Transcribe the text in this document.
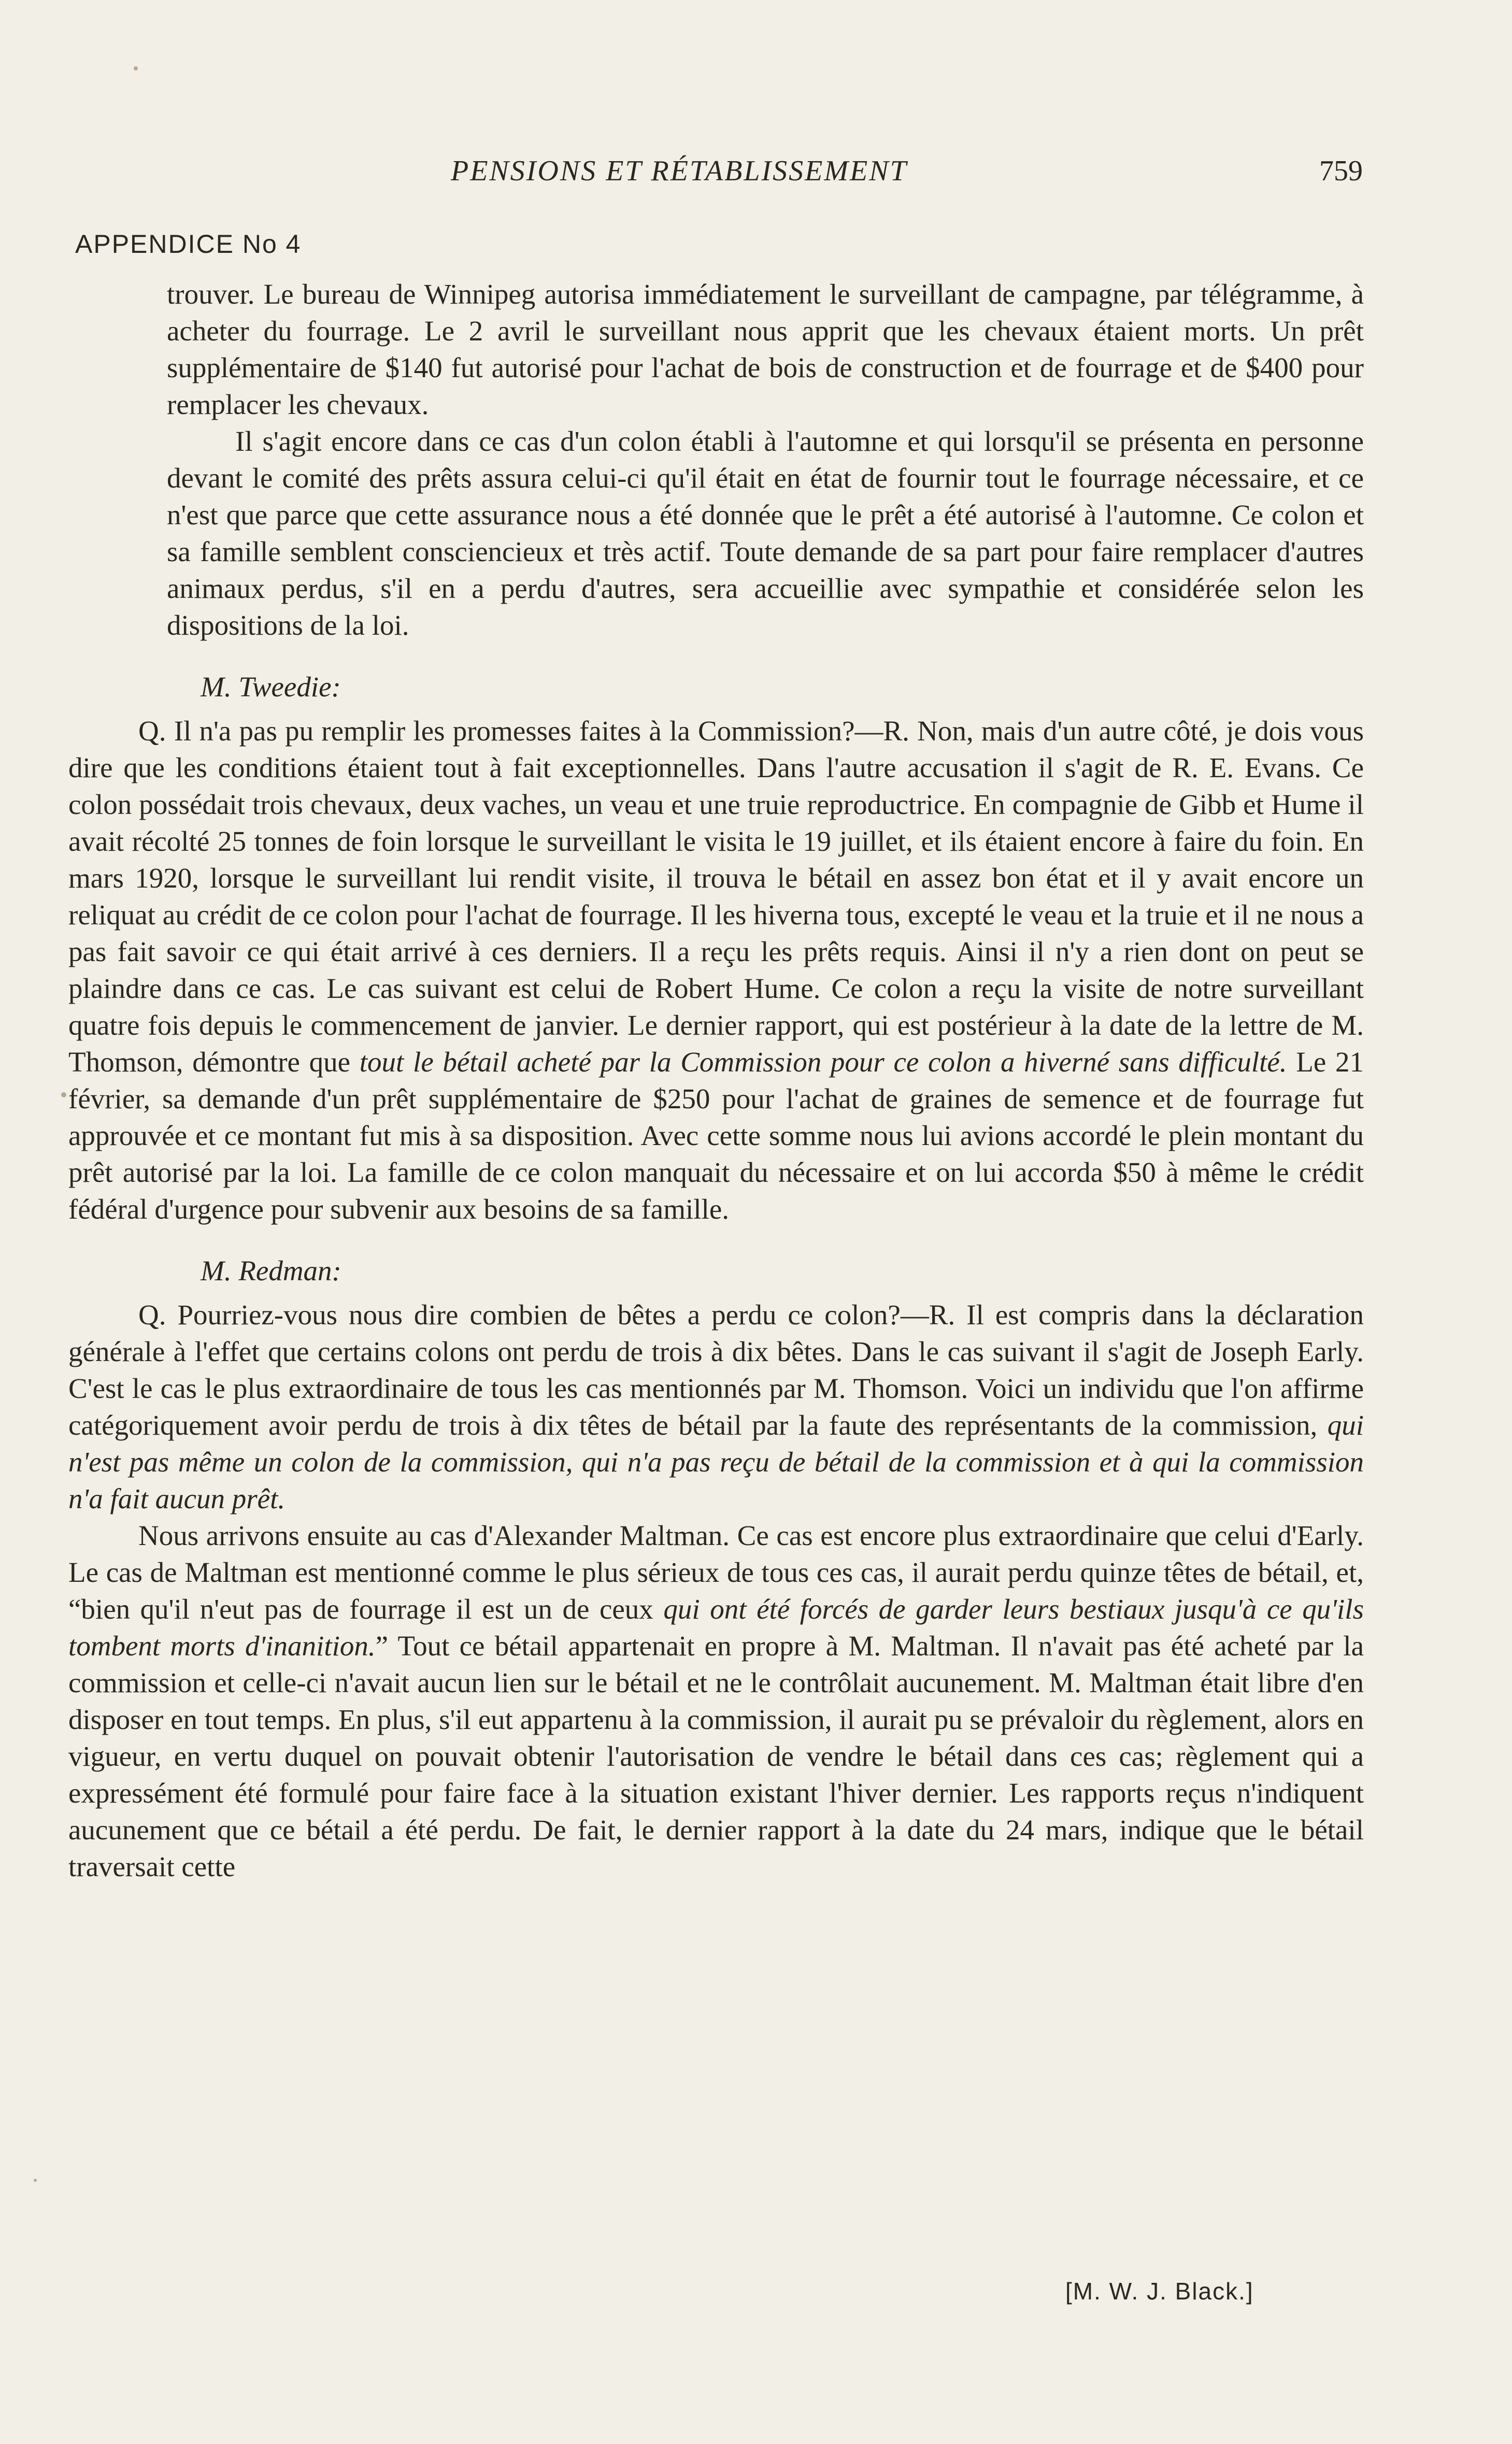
PENSIONS ET RÉTABLISSEMENT	759
APPENDICE No 4

trouver. Le bureau de Winnipeg autorisa immédiatement le surveillant de campagne, par télégramme, à acheter du fourrage. Le 2 avril le surveillant nous apprit que les chevaux étaient morts. Un prêt supplémentaire de $140 fut autorisé pour l'achat de bois de construction et de fourrage et de $400 pour remplacer les chevaux.

Il s'agit encore dans ce cas d'un colon établi à l'automne et qui lorsqu'il se présenta en personne devant le comité des prêts assura celui-ci qu'il était en état de fournir tout le fourrage nécessaire, et ce n'est que parce que cette assurance nous a été donnée que le prêt a été autorisé à l'automne. Ce colon et sa famille semblent consciencieux et très actif. Toute demande de sa part pour faire remplacer d'autres animaux perdus, s'il en a perdu d'autres, sera accueillie avec sympathie et considérée selon les dispositions de la loi.

M. Tweedie:

Q. Il n'a pas pu remplir les promesses faites à la Commission?—R. Non, mais d'un autre côté, je dois vous dire que les conditions étaient tout à fait exceptionnelles. Dans l'autre accusation il s'agit de R. E. Evans. Ce colon possédait trois chevaux, deux vaches, un veau et une truie reproductrice. En compagnie de Gibb et Hume il avait récolté 25 tonnes de foin lorsque le surveillant le visita le 19 juillet, et ils étaient encore à faire du foin. En mars 1920, lorsque le surveillant lui rendit visite, il trouva le bétail en assez bon état et il y avait encore un reliquat au crédit de ce colon pour l'achat de fourrage. Il les hiverna tous, excepté le veau et la truie et il ne nous a pas fait savoir ce qui était arrivé à ces derniers. Il a reçu les prêts requis. Ainsi il n'y a rien dont on peut se plaindre dans ce cas. Le cas suivant est celui de Robert Hume. Ce colon a reçu la visite de notre surveillant quatre fois depuis le commencement de janvier. Le dernier rapport, qui est postérieur à la date de la lettre de M. Thomson, démontre que tout le bétail acheté par la Commission pour ce colon a hiverné sans difficulté. Le 21 février, sa demande d'un prêt supplémentaire de $250 pour l'achat de graines de semence et de fourrage fut approuvée et ce montant fut mis à sa disposition. Avec cette somme nous lui avions accordé le plein montant du prêt autorisé par la loi. La famille de ce colon manquait du nécessaire et on lui accorda $50 à même le crédit fédéral d'urgence pour subvenir aux besoins de sa famille.

M. Redman:

Q. Pourriez-vous nous dire combien de bêtes a perdu ce colon?—R. Il est compris dans la déclaration générale à l'effet que certains colons ont perdu de trois à dix bêtes. Dans le cas suivant il s'agit de Joseph Early. C'est le cas le plus extraordinaire de tous les cas mentionnés par M. Thomson. Voici un individu que l'on affirme catégoriquement avoir perdu de trois à dix têtes de bétail par la faute des représentants de la commission, qui n'est pas même un colon de la commission, qui n'a pas reçu de bétail de la commission et à qui la commission n'a fait aucun prêt.

Nous arrivons ensuite au cas d'Alexander Maltman. Ce cas est encore plus extraordinaire que celui d'Early. Le cas de Maltman est mentionné comme le plus sérieux de tous ces cas, il aurait perdu quinze têtes de bétail, et, “bien qu'il n'eut pas de fourrage il est un de ceux qui ont été forcés de garder leurs bestiaux jusqu'à ce qu'ils tombent morts d'inanition.” Tout ce bétail appartenait en propre à M. Maltman. Il n'avait pas été acheté par la commission et celle-ci n'avait aucun lien sur le bétail et ne le contrôlait aucunement. M. Maltman était libre d'en disposer en tout temps. En plus, s'il eut appartenu à la commission, il aurait pu se prévaloir du règlement, alors en vigueur, en vertu duquel on pouvait obtenir l'autorisation de vendre le bétail dans ces cas; règlement qui a expressément été formulé pour faire face à la situation existant l'hiver dernier. Les rapports reçus n'indiquent aucunement que ce bétail a été perdu. De fait, le dernier rapport à la date du 24 mars, indique que le bétail traversait cette

[M. W. J. Black.]
